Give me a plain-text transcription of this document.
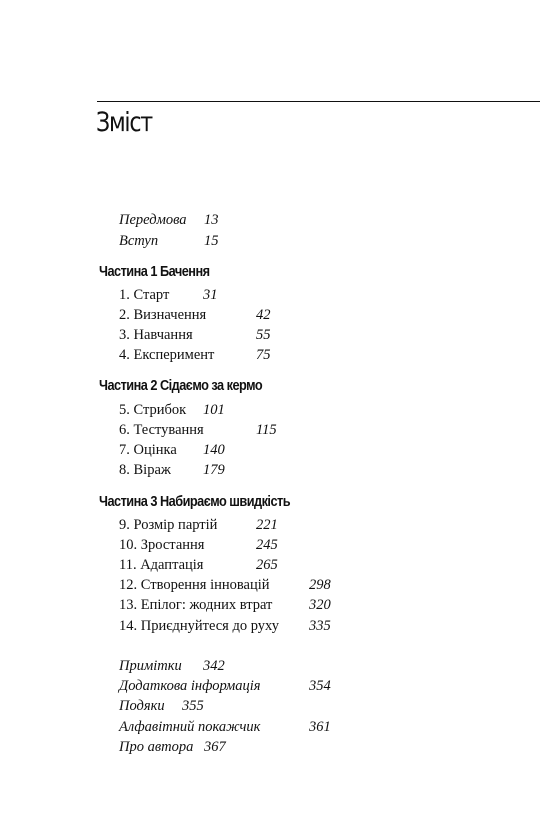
Зміст
Передмова 13
Вступ	15
Частина 1 Бачення
1. Старт 31
2. Визначення	42
3. Навчання	55
4. Експеримент	75
Частина 2 Сідаємо за кермо
5. Стрибок 101
6. Тестування	115
7. Оцінка 140
8. Віраж 179
Частина 3 Набираємо швидкість
9. Розмір партій	221
10. Зростання	245
11. Адаптація	265
12. Створення інновацій	298
13. Епілог: жодних втрат	320
14. Приєднуйтеся до руху 335
Примітки 342
Додаткова інформація	354
Подяки 355
Алфавітний покажчик	361
Про автора 367
